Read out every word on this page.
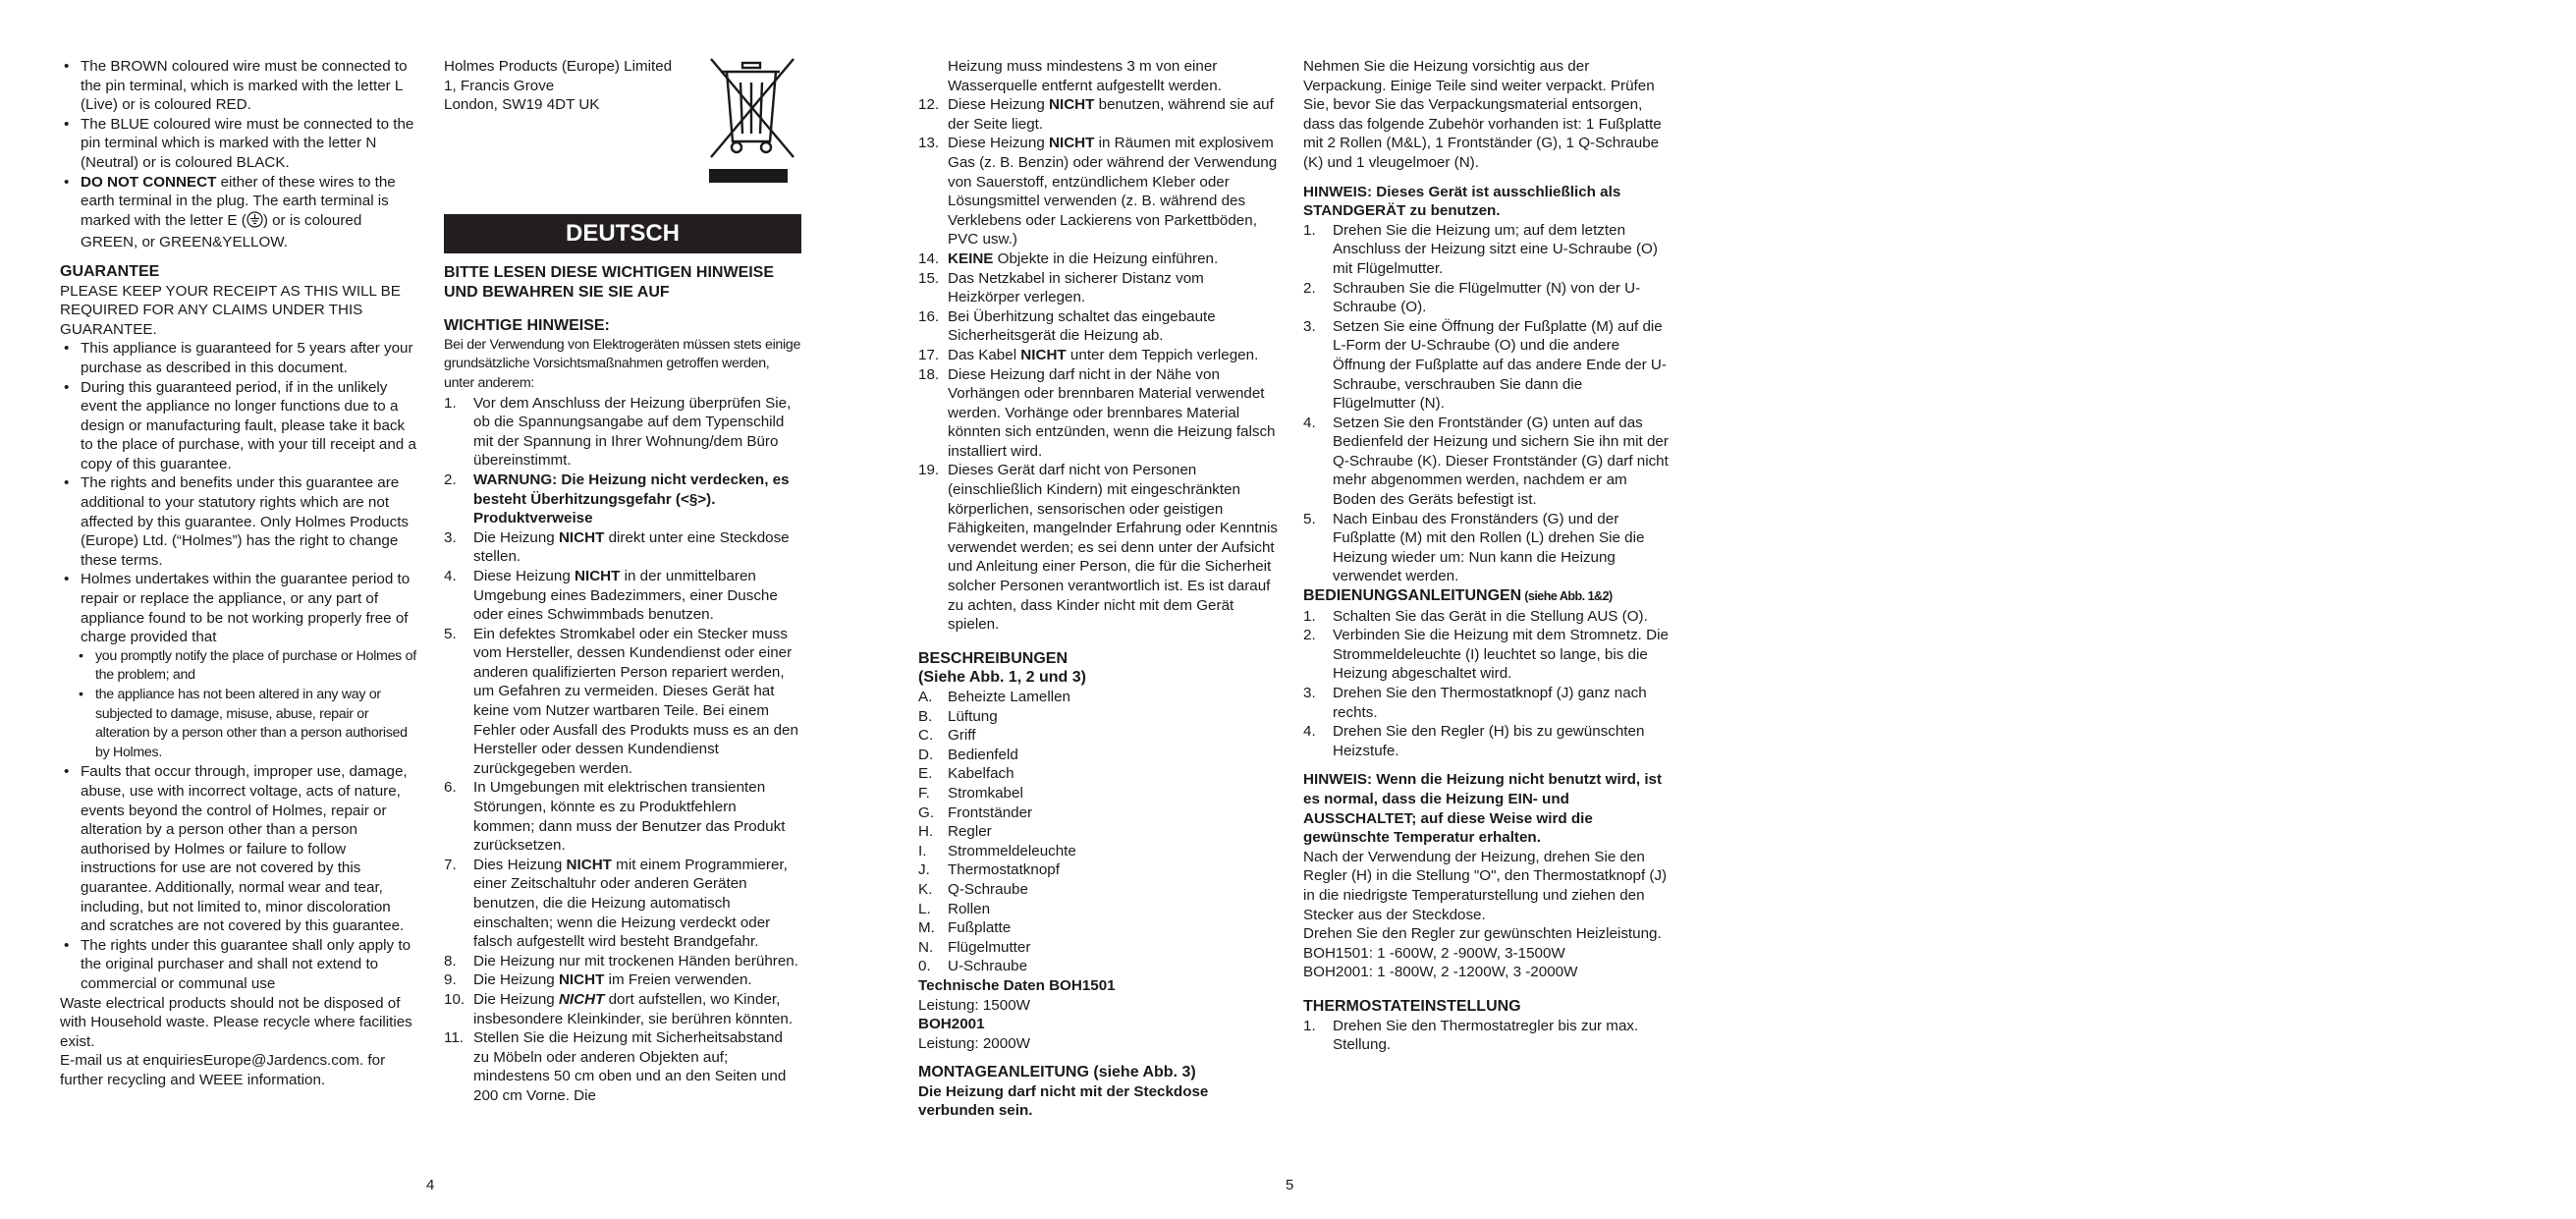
• The BROWN coloured wire must be connected to the pin terminal, which is marked with the letter L (Live) or is coloured RED.
• The BLUE coloured wire must be connected to the pin terminal which is marked with the letter N (Neutral) or is coloured BLACK.
• DO NOT CONNECT either of these wires to the earth terminal in the plug. The earth terminal is marked with the letter E ( ) or is coloured GREEN, or GREEN&YELLOW.

GUARANTEE

PLEASE KEEP YOUR RECEIPT AS THIS WILL BE REQUIRED FOR ANY CLAIMS UNDER THIS GUARANTEE.

• This appliance is guaranteed for 5 years after your purchase as described in this document.
• During this guaranteed period, if in the unlikely event the appliance no longer functions due to a design or manufacturing fault, please take it back to the place of purchase, with your till receipt and a copy of this guarantee.
• The rights and benefits under this guarantee are additional to your statutory rights which are not affected by this guarantee. Only Holmes Products (Europe) Ltd. (“Holmes”) has the right to change these terms.
• Holmes undertakes within the guarantee period to repair or replace the appliance, or any part of appliance found to be not working properly free of charge provided that
• you promptly notify the place of purchase or Holmes of the problem; and
• the appliance has not been altered in any way or subjected to damage, misuse, abuse, repair or alteration by a person other than a person authorised by Holmes.
• Faults that occur through, improper use, damage, abuse, use with incorrect voltage, acts of nature, events beyond the control of Holmes, repair or alteration by a person other than a person authorised by Holmes or failure to follow instructions for use are not covered by this guarantee. Additionally, normal wear and tear, including, but not limited to, minor discoloration and scratches are not covered by this guarantee.
• The rights under this guarantee shall only apply to the original purchaser and shall not extend to commercial or communal use

Waste electrical products should not be disposed of with Household waste. Please recycle where facilities exist.

E-mail us at enquiriesEurope@Jardencs.com. for further recycling and WEEE information.

Holmes Products (Europe) Limited

1, Francis Grove

London, SW19 4DT UK

DEUTSCH

BITTE LESEN DIESE WICHTIGEN HINWEISE UND BEWAHREN SIE SIE AUF

WICHTIGE HINWEISE:

Bei der Verwendung von Elektrogeräten müssen stets einige grundsätzliche Vorsichtsmaßnahmen getroffen werden, unter anderem:

1. Vor dem Anschluss der Heizung überprüfen Sie, ob die Spannungsangabe auf dem Typenschild mit der Spannung in Ihrer Wohnung/dem Büro übereinstimmt.
2. WARNUNG: Die Heizung nicht verdecken, es besteht Überhitzungsgefahr (<§>). Produktverweise
3. Die Heizung NICHT direkt unter eine Steckdose stellen.
4. Diese Heizung NICHT in der unmittelbaren Umgebung eines Badezimmers, einer Dusche oder eines Schwimmbads benutzen.
5. Ein defektes Stromkabel oder ein Stecker muss vom Hersteller, dessen Kundendienst oder einer anderen qualifizierten Person repariert werden, um Gefahren zu vermeiden. Dieses Gerät hat keine vom Nutzer wartbaren Teile. Bei einem Fehler oder Ausfall des Produkts muss es an den Hersteller oder dessen Kundendienst zurückgegeben werden.
6. In Umgebungen mit elektrischen transienten Störungen, könnte es zu Produktfehlern kommen; dann muss der Benutzer das Produkt zurücksetzen.
7. Dies Heizung NICHT mit einem Programmierer, einer Zeitschaltuhr oder anderen Geräten benutzen, die die Heizung automatisch einschalten; wenn die Heizung verdeckt oder falsch aufgestellt wird besteht Brandgefahr.
8. Die Heizung nur mit trockenen Händen berühren.
9. Die Heizung NICHT im Freien verwenden.
10. Die Heizung NICHT dort aufstellen, wo Kinder, insbesondere Kleinkinder, sie berühren könnten.
11. Stellen Sie die Heizung mit Sicherheitsabstand zu Möbeln oder anderen Objekten auf; mindestens 50 cm oben und an den Seiten und 200 cm Vorne. Die

Heizung muss mindestens 3 m von einer Wasserquelle entfernt aufgestellt werden.

12. Diese Heizung NICHT benutzen, während sie auf der Seite liegt.
13. Diese Heizung NICHT in Räumen mit explosivem Gas (z. B. Benzin) oder während der Verwendung von Sauerstoff, entzündlichem Kleber oder Lösungsmittel verwenden (z. B. während des Verklebens oder Lackierens von Parkettböden, PVC usw.)
14. KEINE Objekte in die Heizung einführen.
15. Das Netzkabel in sicherer Distanz vom Heizkörper verlegen.
16. Bei Überhitzung schaltet das eingebaute Sicherheitsgerät die Heizung ab.
17. Das Kabel NICHT unter dem Teppich verlegen.
18. Diese Heizung darf nicht in der Nähe von Vorhängen oder brennbaren Material verwendet werden. Vorhänge oder brennbares Material könnten sich entzünden, wenn die Heizung falsch installiert wird.
19. Dieses Gerät darf nicht von Personen (einschließlich Kindern) mit eingeschränkten körperlichen, sensorischen oder geistigen Fähigkeiten, mangelnder Erfahrung oder Kenntnis verwendet werden; es sei denn unter der Aufsicht und Anleitung einer Person, die für die Sicherheit solcher Personen verantwortlich ist. Es ist darauf zu achten, dass Kinder nicht mit dem Gerät spielen.

BESCHREIBUNGEN

(Siehe Abb. 1, 2 und 3)

A. Beheizte Lamellen
B. Lüftung
C. Griff
D. Bedienfeld
E. Kabelfach
F. Stromkabel
G. Frontständer
H. Regler
I. Strommeldeleuchte
J. Thermostatknopf
K. Q-Schraube
L. Rollen
M. Fußplatte
N. Flügelmutter
0. U-Schraube

Technische Daten BOH1501

Leistung: 1500W

BOH2001

Leistung: 2000W

MONTAGEANLEITUNG (siehe Abb. 3)

Die Heizung darf nicht mit der Steckdose verbunden sein.

Nehmen Sie die Heizung vorsichtig aus der Verpackung. Einige Teile sind weiter verpackt. Prüfen Sie, bevor Sie das Verpackungsmaterial entsorgen, dass das folgende Zubehör vorhanden ist: 1 Fußplatte mit 2 Rollen (M&L), 1 Frontständer (G), 1 Q-Schraube (K) und 1 vleugelmoer (N).

HINWEIS: Dieses Gerät ist ausschließlich als STANDGERÄT zu benutzen.

1. Drehen Sie die Heizung um; auf dem letzten Anschluss der Heizung sitzt eine U-Schraube (O) mit Flügelmutter.
2. Schrauben Sie die Flügelmutter (N) von der U-Schraube (O).
3. Setzen Sie eine Öffnung der Fußplatte (M) auf die L-Form der U-Schraube (O) und die andere Öffnung der Fußplatte auf das andere Ende der U-Schraube, verschrauben Sie dann die Flügelmutter (N).
4. Setzen Sie den Frontständer (G) unten auf das Bedienfeld der Heizung und sichern Sie ihn mit der Q-Schraube (K). Dieser Frontständer (G) darf nicht mehr abgenommen werden, nachdem er am Boden des Geräts befestigt ist.
5. Nach Einbau des Fronständers (G) und der Fußplatte (M) mit den Rollen (L) drehen Sie die Heizung wieder um: Nun kann die Heizung verwendet werden.

BEDIENUNGSANLEITUNGEN (siehe Abb. 1&2)

1. Schalten Sie das Gerät in die Stellung AUS (O).
2. Verbinden Sie die Heizung mit dem Stromnetz. Die Strommeldeleuchte (I) leuchtet so lange, bis die Heizung abgeschaltet wird.
3. Drehen Sie den Thermostatknopf (J) ganz nach rechts.
4. Drehen Sie den Regler (H) bis zu gewünschten Heizstufe.

HINWEIS: Wenn die Heizung nicht benutzt wird, ist es normal, dass die Heizung EIN- und AUSSCHALTET; auf diese Weise wird die gewünschte Temperatur erhalten.

Nach der Verwendung der Heizung, drehen Sie den Regler (H) in die Stellung "O", den Thermostatknopf (J) in die niedrigste Temperaturstellung und ziehen den Stecker aus der Steckdose.

Drehen Sie den Regler zur gewünschten Heizleistung.

BOH1501: 1 -600W, 2 -900W, 3-1500W

BOH2001: 1 -800W, 2 -1200W, 3 -2000W

THERMOSTATEINSTELLUNG

1. Drehen Sie den Thermostatregler bis zur max. Stellung.
4	5
